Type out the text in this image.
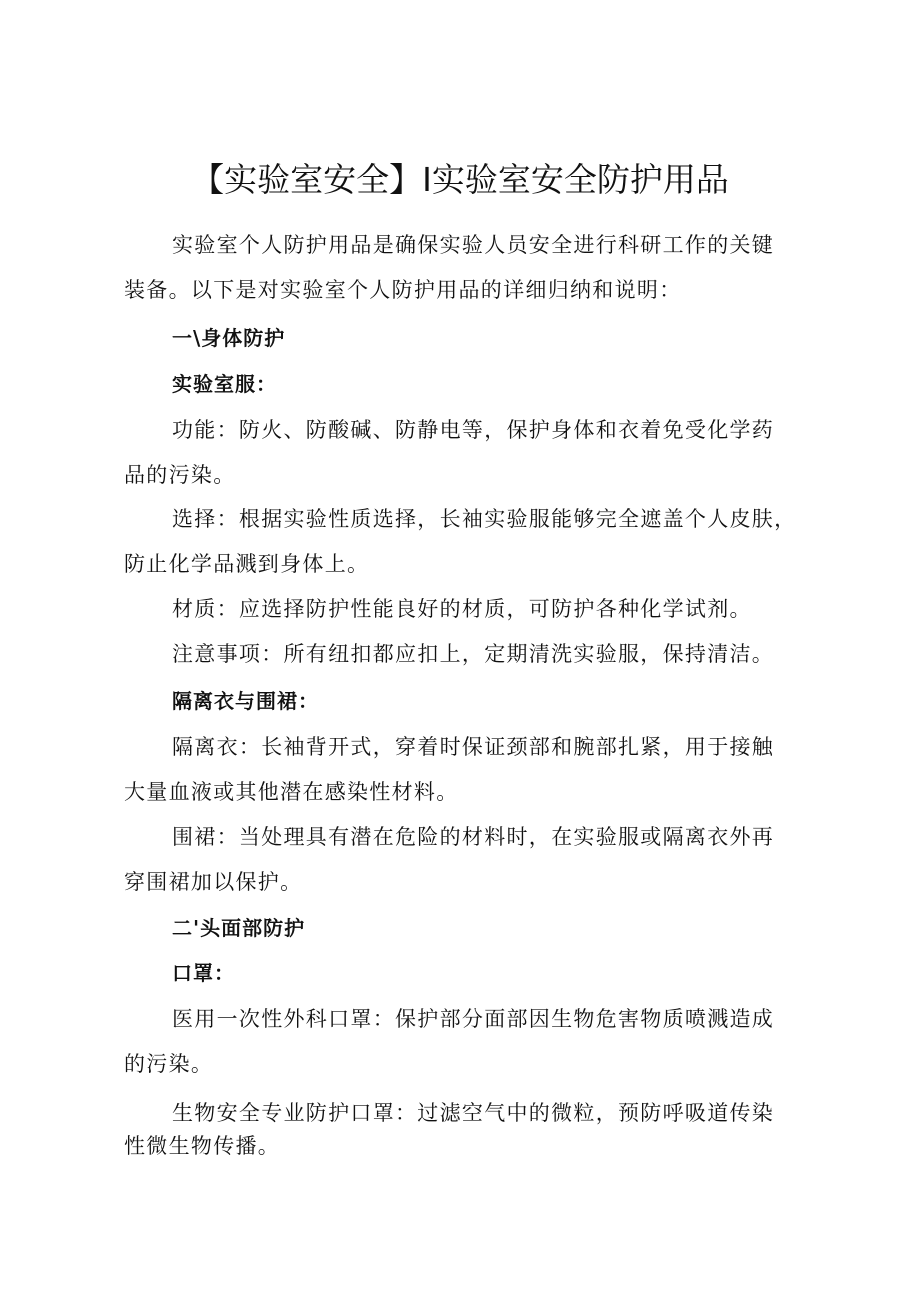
【实验室安全】I实验室安全防护用品

实验室个人防护用品是确保实验人员安全进行科研工作的关键

装备。以下是对实验室个人防护用品的详细归纳和说明：

一\身体防护

实验室服：

功能：防火、防酸碱、防静电等，保护身体和衣着免受化学药

品的污染。

选择：根据实验性质选择，长袖实验服能够完全遮盖个人皮肤，

防止化学品溅到身体上。

材质：应选择防护性能良好的材质，可防护各种化学试剂。

注意事项：所有纽扣都应扣上，定期清洗实验服，保持清洁。

隔离衣与围裙：

隔离衣：长袖背开式，穿着时保证颈部和腕部扎紧，用于接触

大量血液或其他潜在感染性材料。

围裙：当处理具有潜在危险的材料时，在实验服或隔离衣外再

穿围裙加以保护。

二'头面部防护

口罩：

医用一次性外科口罩：保护部分面部因生物危害物质喷溅造成

的污染。

生物安全专业防护口罩：过滤空气中的微粒，预防呼吸道传染

性微生物传播。
